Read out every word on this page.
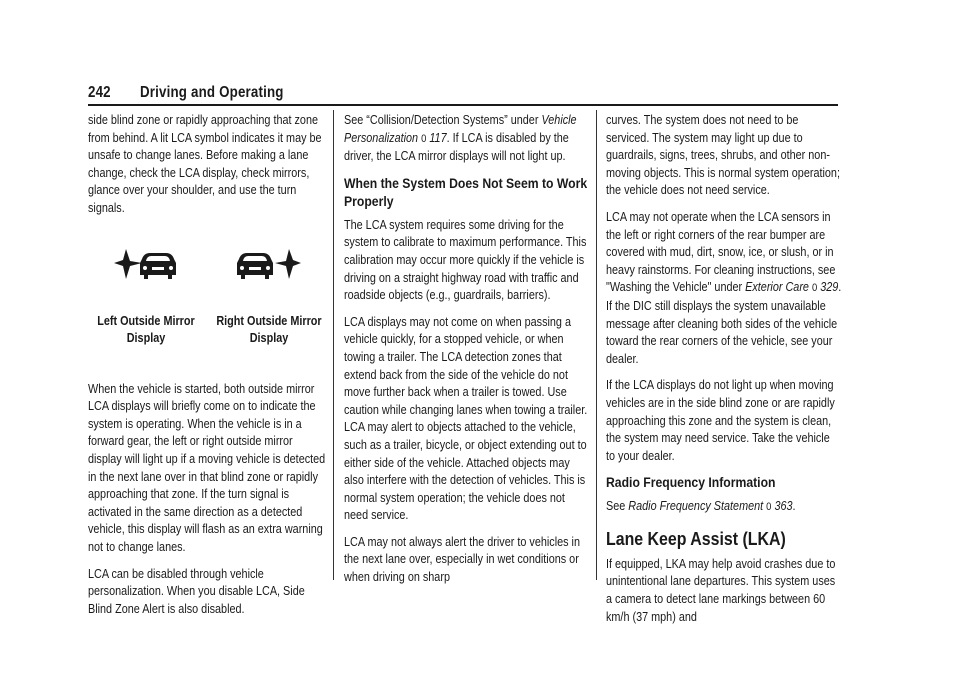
242 Driving and Operating

side blind zone or rapidly approaching that zone from behind. A lit LCA symbol indicates it may be unsafe to change lanes. Before making a lane change, check the LCA display, check mirrors, glance over your shoulder, and use the turn signals.

Left Outside Mirror
Display
Right Outside Mirror
Display

When the vehicle is started, both outside mirror LCA displays will briefly come on to indicate the system is operating. When the vehicle is in a forward gear, the left or right outside mirror display will light up if a moving vehicle is detected in the next lane over in that blind zone or rapidly approaching that zone. If the turn signal is activated in the same direction as a detected vehicle, this display will flash as an extra warning not to change lanes.

LCA can be disabled through vehicle personalization. When you disable LCA, Side Blind Zone Alert is also disabled.

See “Collision/Detection Systems” under Vehicle Personalization 0 117. If LCA is disabled by the driver, the LCA mirror displays will not light up.

When the System Does Not Seem to Work Properly

The LCA system requires some driving for the system to calibrate to maximum performance. This calibration may occur more quickly if the vehicle is driving on a straight highway road with traffic and roadside objects (e.g., guardrails, barriers).

LCA displays may not come on when passing a vehicle quickly, for a stopped vehicle, or when towing a trailer. The LCA detection zones that extend back from the side of the vehicle do not move further back when a trailer is towed. Use caution while changing lanes when towing a trailer. LCA may alert to objects attached to the vehicle, such as a trailer, bicycle, or object extending out to either side of the vehicle. Attached objects may also interfere with the detection of vehicles. This is normal system operation; the vehicle does not need service.

LCA may not always alert the driver to vehicles in the next lane over, especially in wet conditions or when driving on sharp

curves. The system does not need to be serviced. The system may light up due to guardrails, signs, trees, shrubs, and other non-moving objects. This is normal system operation; the vehicle does not need service.

LCA may not operate when the LCA sensors in the left or right corners of the rear bumper are covered with mud, dirt, snow, ice, or slush, or in heavy rainstorms. For cleaning instructions, see "Washing the Vehicle" under Exterior Care 0 329. If the DIC still displays the system unavailable message after cleaning both sides of the vehicle toward the rear corners of the vehicle, see your dealer.

If the LCA displays do not light up when moving vehicles are in the side blind zone or are rapidly approaching this zone and the system is clean, the system may need service. Take the vehicle to your dealer.

Radio Frequency Information

See Radio Frequency Statement 0 363.

Lane Keep Assist (LKA)

If equipped, LKA may help avoid crashes due to unintentional lane departures. This system uses a camera to detect lane markings between 60 km/h (37 mph) and
